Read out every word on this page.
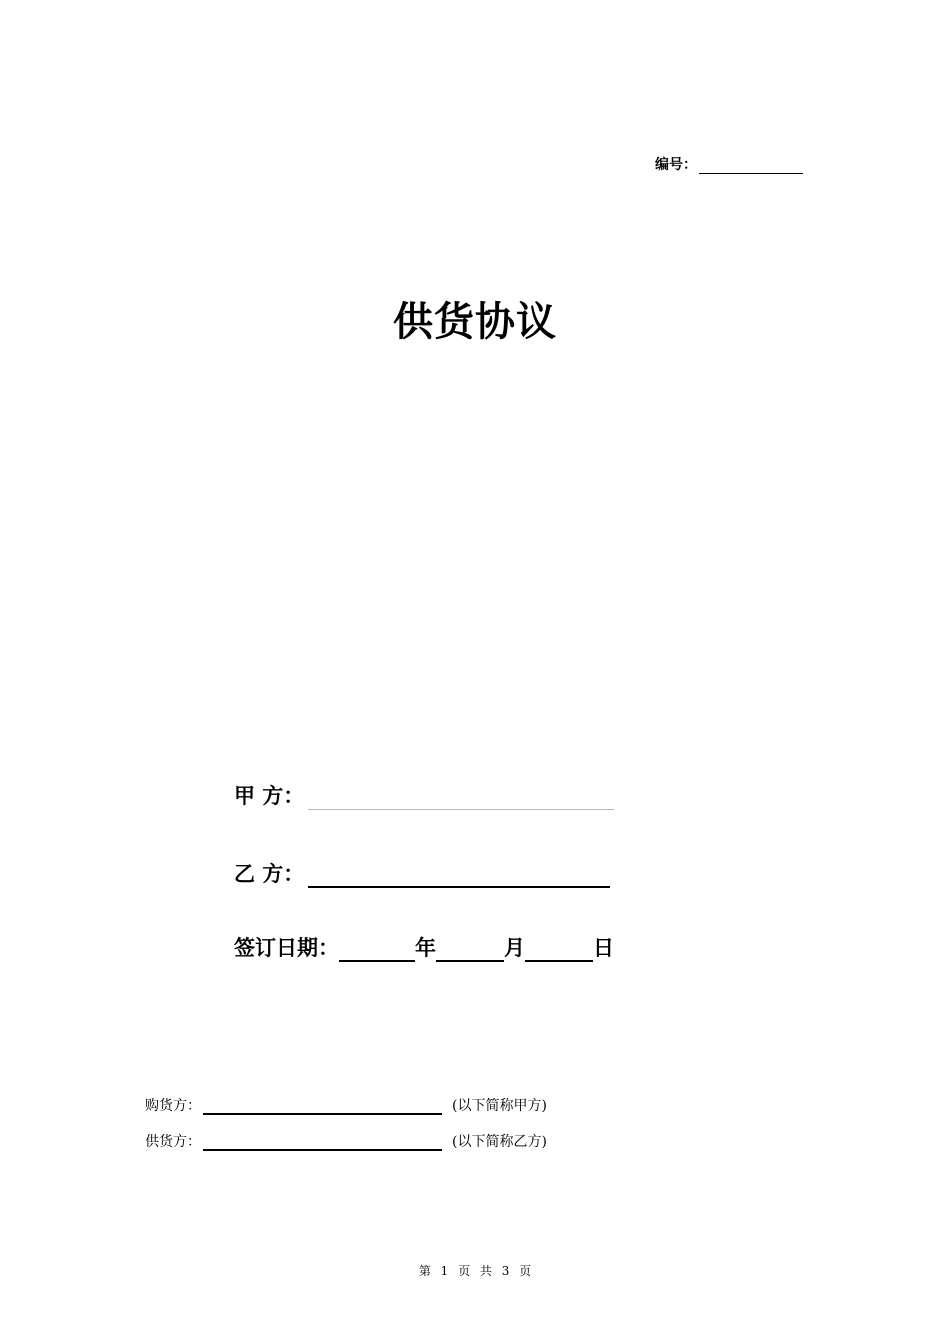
编号：
供货协议
甲 方：
乙 方：
签订日期：	年	月	日
购货方：	(以下简称甲方)
供货方：	(以下简称乙方)
第 1 页 共 3 页
